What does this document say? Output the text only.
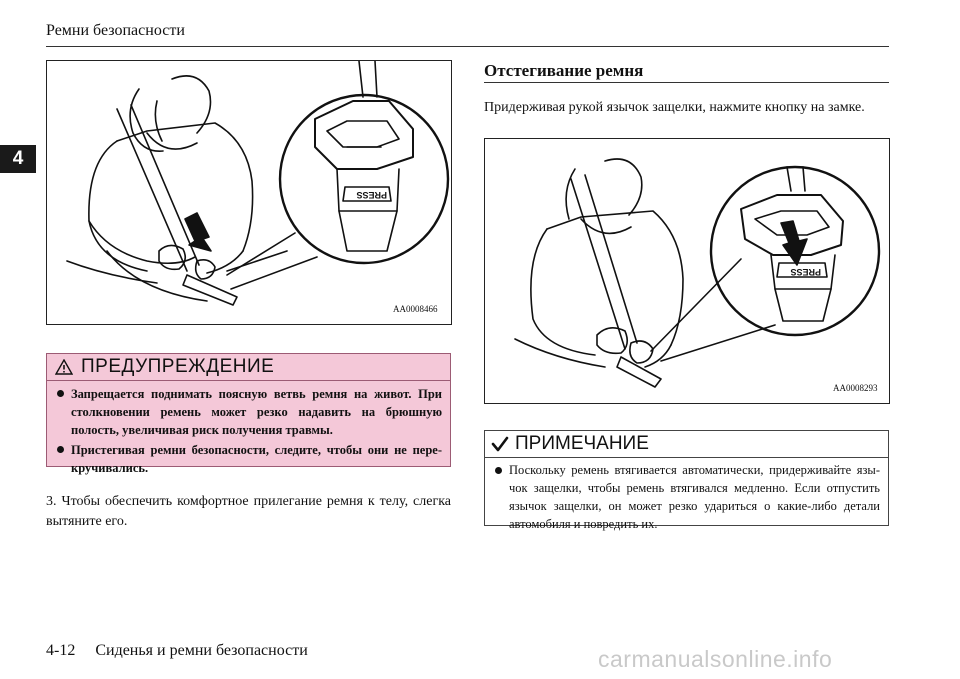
Ремни безопасности
4
PRESS
AA0008466
ПРЕДУПРЕЖДЕНИЕ
Запрещается поднимать поясную ветвь ремня на живот. При столкновении ремень может резко надавить на брюшную полость, увеличивая риск получения травмы.
Пристегивая ремни безопасности, следите, чтобы они не пере-кручивались.
3. Чтобы обеспечить комфортное прилегание ремня к телу, слегка вытяните его.
Отстегивание ремня
Придерживая рукой язычок защелки, нажмите кнопку на замке.
PRESS
AA0008293
ПРИМЕЧАНИЕ
Поскольку ремень втягивается автоматически, придерживайте язы-чок защелки, чтобы ремень втягивался медленно. Если отпустить язычок защелки, он может резко удариться о какие-либо детали автомобиля и повредить их.
4-12 Сиденья и ремни безопасности	carmanualsonline.info
